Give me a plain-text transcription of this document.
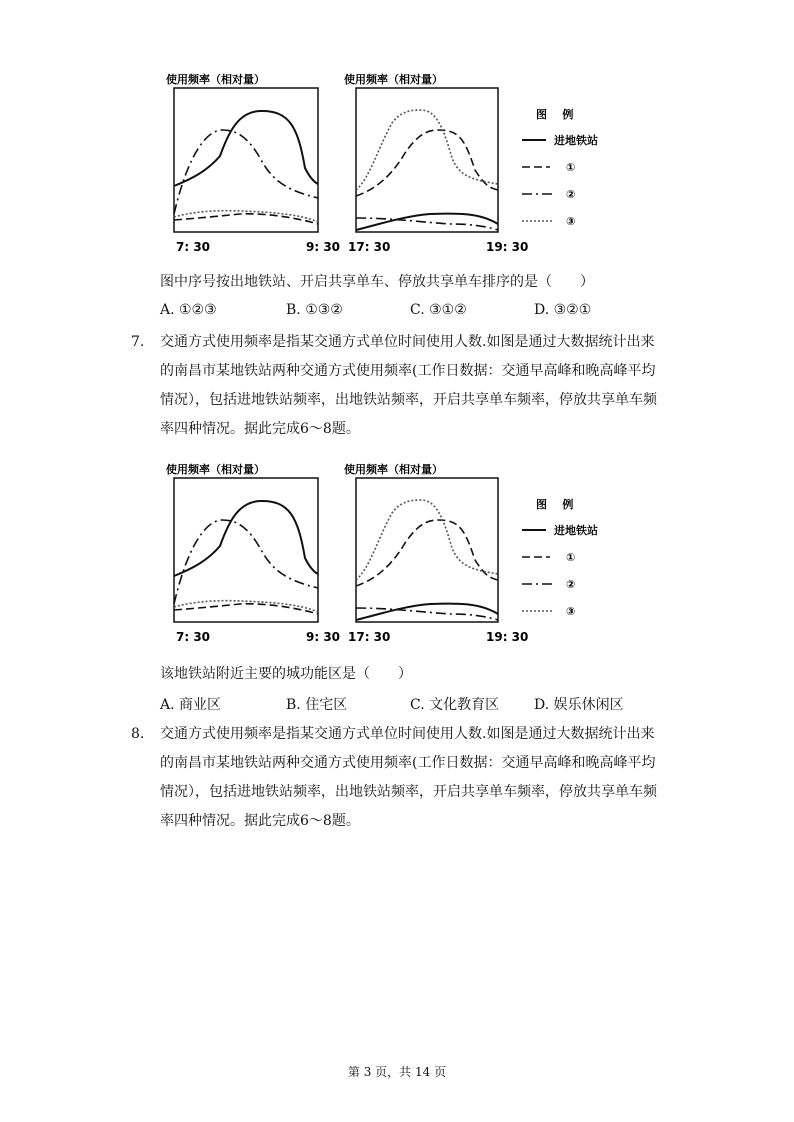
使用频率（相对量）	使用频率（相对量）
7: 30	9: 30 17: 30	19: 30
图    例
进地铁站
①
②
③
图中序号按出地铁站、开启共享单车、停放共享单车排序的是（　　）
A. ①②③	B. ①③②	C. ③①②	D. ③②①
7. 交通方式使用频率是指某交通方式单位时间使用人数.如图是通过大数据统计出来
的南昌市某地铁站两种交通方式使用频率(工作日数据：交通早高峰和晚高峰平均
情况），包括进地铁站频率，出地铁站频率，开启共享单车频率，停放共享单车频
率四种情况。据此完成6～8题。
使用频率（相对量）	使用频率（相对量）
7: 30	9: 30 17: 30	19: 30
图    例
进地铁站
①
②
③
该地铁站附近主要的城功能区是（　　）
A. 商业区	B. 住宅区	C. 文化教育区 D. 娱乐休闲区
8. 交通方式使用频率是指某交通方式单位时间使用人数.如图是通过大数据统计出来
的南昌市某地铁站两种交通方式使用频率(工作日数据：交通早高峰和晚高峰平均
情况），包括进地铁站频率，出地铁站频率，开启共享单车频率，停放共享单车频
率四种情况。据此完成6～8题。
第 3 页，共 14 页
